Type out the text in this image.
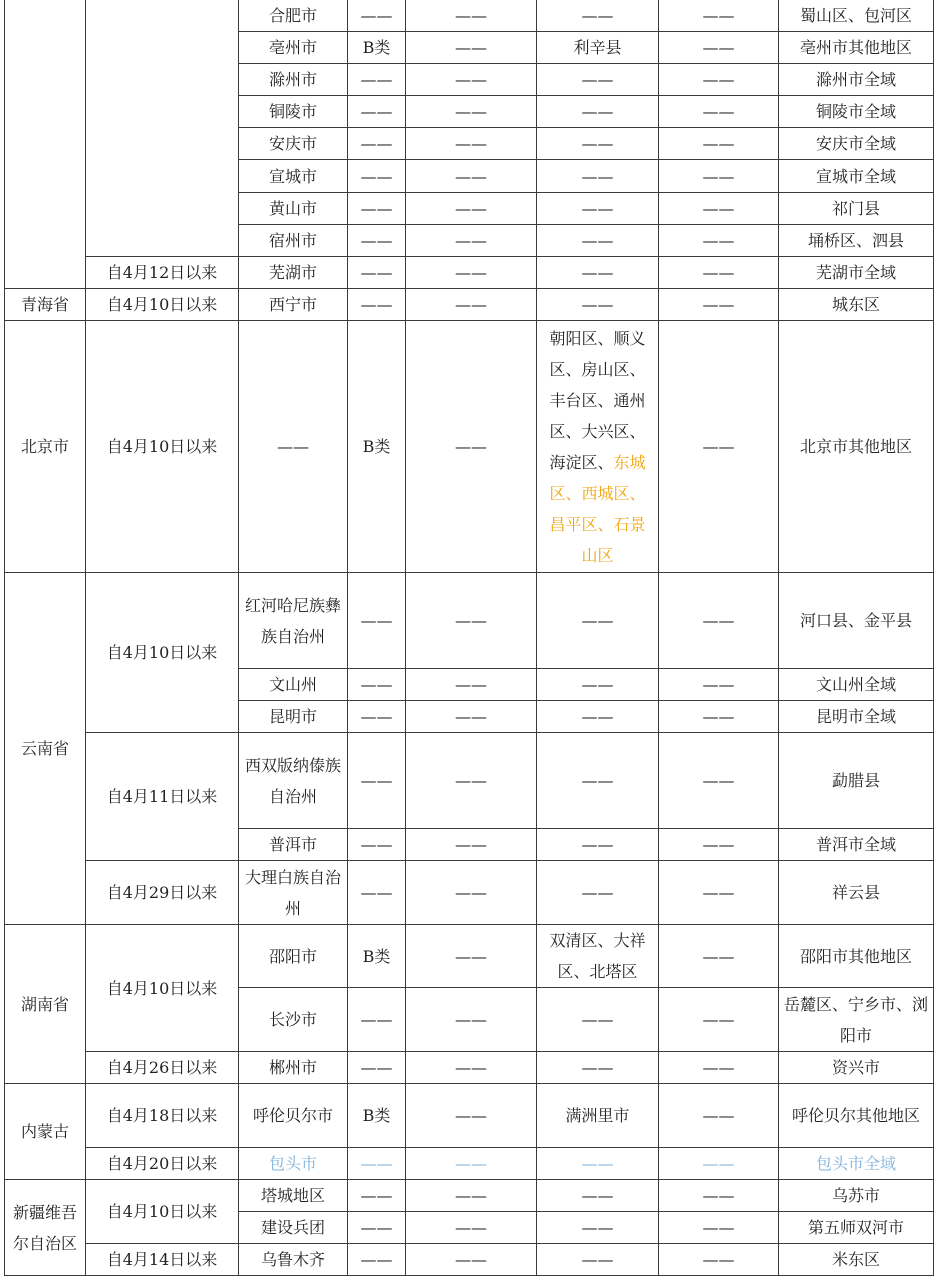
		合肥市	——	——	——	——	蜀山区、包河区
		亳州市	B类	——	利辛县	——	亳州市其他地区
		滁州市	——	——	——	——	滁州市全域
		铜陵市	——	——	——	——	铜陵市全域
		安庆市	——	——	——	——	安庆市全域
		宣城市	——	——	——	——	宣城市全域
		黄山市	——	——	——	——	祁门县
		宿州市	——	——	——	——	埇桥区、泗县
	自4月12日以来	芜湖市	——	——	——	——	芜湖市全域
青海省	自4月10日以来	西宁市	——	——	——	——	城东区
北京市	自4月10日以来	——	B类	——	朝阳区、顺义区、房山区、丰台区、通州区、大兴区、海淀区、东城区、西城区、昌平区、石景山区	——	北京市其他地区
云南省	自4月10日以来	红河哈尼族彝族自治州	——	——	——	——	河口县、金平县
		文山州	——	——	——	——	文山州全域
		昆明市	——	——	——	——	昆明市全域
	自4月11日以来	西双版纳傣族自治州	——	——	——	——	勐腊县
		普洱市	——	——	——	——	普洱市全域
	自4月29日以来	大理白族自治州	——	——	——	——	祥云县
湖南省	自4月10日以来	邵阳市	B类	——	双清区、大祥区、北塔区	——	邵阳市其他地区
		长沙市	——	——	——	——	岳麓区、宁乡市、浏阳市
	自4月26日以来	郴州市	——	——	——	——	资兴市
内蒙古	自4月18日以来	呼伦贝尔市	B类	——	满洲里市	——	呼伦贝尔其他地区
	自4月20日以来	包头市	——	——	——	——	包头市全域
新疆维吾尔自治区	自4月10日以来	塔城地区	——	——	——	——	乌苏市
		建设兵团	——	——	——	——	第五师双河市
	自4月14日以来	乌鲁木齐	——	——	——	——	米东区
